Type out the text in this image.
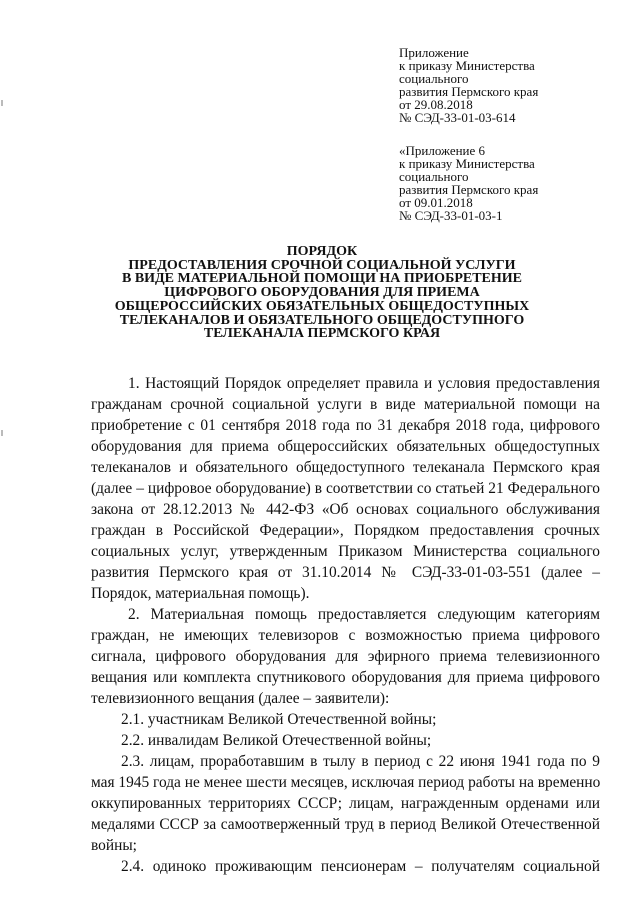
Приложение
к приказу Министерства
социального
развития Пермского края
от 29.08.2018
№ СЭД-33-01-03-614
«Приложение 6
к приказу Министерства
социального
развития Пермского края
от 09.01.2018
№ СЭД-33-01-03-1
ПОРЯДОК
ПРЕДОСТАВЛЕНИЯ СРОЧНОЙ СОЦИАЛЬНОЙ УСЛУГИ
В ВИДЕ МАТЕРИАЛЬНОЙ ПОМОЩИ НА ПРИОБРЕТЕНИЕ
ЦИФРОВОГО ОБОРУДОВАНИЯ ДЛЯ ПРИЕМА
ОБЩЕРОССИЙСКИХ ОБЯЗАТЕЛЬНЫХ ОБЩЕДОСТУПНЫХ
ТЕЛЕКАНАЛОВ И ОБЯЗАТЕЛЬНОГО ОБЩЕДОСТУПНОГО
ТЕЛЕКАНАЛА ПЕРМСКОГО КРАЯ
1. Настоящий Порядок определяет правила и условия предоставления
гражданам срочной социальной услуги в виде материальной помощи на
приобретение с 01 сентября 2018 года по 31 декабря 2018 года, цифрового
оборудования для приема общероссийских обязательных общедоступных
телеканалов и обязательного общедоступного телеканала Пермского края
(далее – цифровое оборудование) в соответствии со статьей 21 Федерального
закона от 28.12.2013 № 442-ФЗ «Об основах социального обслуживания
граждан в Российской Федерации», Порядком предоставления срочных
социальных услуг, утвержденным Приказом Министерства социального
развития Пермского края от 31.10.2014 № СЭД-33-01-03-551 (далее –
Порядок, материальная помощь).
2. Материальная помощь предоставляется следующим категориям
граждан, не имеющих телевизоров с возможностью приема цифрового
сигнала, цифрового оборудования для эфирного приема телевизионного
вещания или комплекта спутникового оборудования для приема цифрового
телевизионного вещания (далее – заявители):
2.1. участникам Великой Отечественной войны;
2.2. инвалидам Великой Отечественной войны;
2.3. лицам, проработавшим в тылу в период с 22 июня 1941 года по 9
мая 1945 года не менее шести месяцев, исключая период работы на временно
оккупированных территориях СССР; лицам, награжденным орденами или
медалями СССР за самоотверженный труд в период Великой Отечественной
войны;
2.4. одиноко проживающим пенсионерам – получателям социальной
